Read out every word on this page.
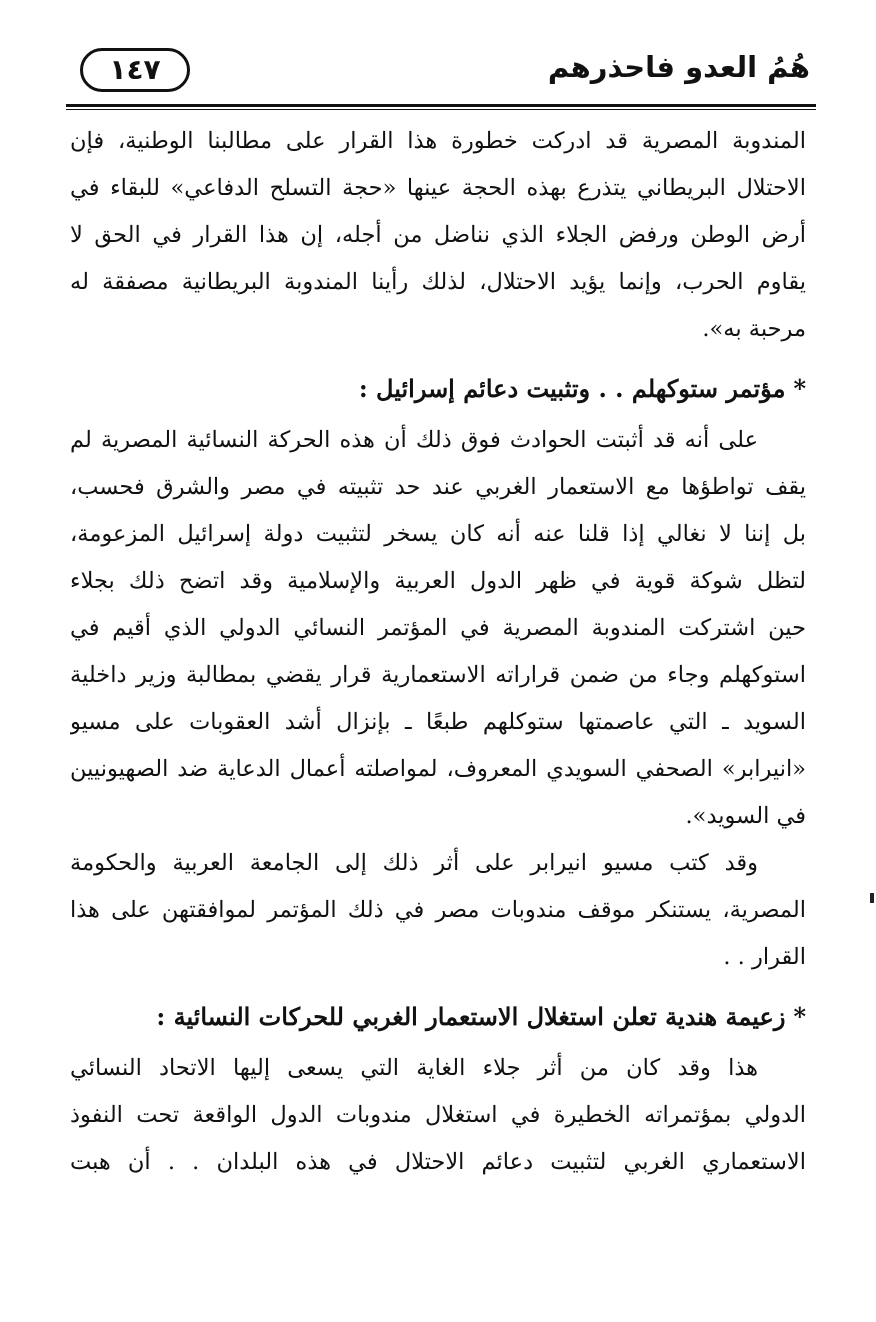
هُمُ العدو فاحذرهم
١٤٧
المندوبة المصرية قد ادركت خطورة هذا القرار على مطالبنا الوطنية، فإن
الاحتلال البريطاني يتذرع بهذه الحجة عينها «حجة التسلح الدفاعي» للبقاء في
أرض الوطن ورفض الجلاء الذي نناضل من أجله، إن هذا القرار في الحق لا
يقاوم الحرب، وإنما يؤيد الاحتلال، لذلك رأينا المندوبة البريطانية مصفقة له
مرحبة به».
*مؤتمر ستوكهلم . . وتثبيت دعائم إسرائيل :
على أنه قد أثبتت الحوادث فوق ذلك أن هذه الحركة النسائية المصرية لم
يقف تواطؤها مع الاستعمار الغربي عند حد تثبيته في مصر والشرق فحسب،
بل إننا لا نغالي إذا قلنا عنه أنه كان يسخر لتثبيت دولة إسرائيل المزعومة،
لتظل شوكة قوية في ظهر الدول العربية والإسلامية وقد اتضح ذلك بجلاء
حين اشتركت المندوبة المصرية في المؤتمر النسائي الدولي الذي أقيم في
استوكهلم وجاء من ضمن قراراته الاستعمارية قرار يقضي بمطالبة وزير داخلية
السويد ـ التي عاصمتها ستوكلهم طبعًا ـ بإنزال أشد العقوبات على مسيو
«انيرابر» الصحفي السويدي المعروف، لمواصلته أعمال الدعاية ضد الصهيونيين
في السويد».
وقد كتب مسيو انيرابر على أثر ذلك إلى الجامعة العربية والحكومة
المصرية، يستنكر موقف مندوبات مصر في ذلك المؤتمر لموافقتهن على هذا
القرار . .
*زعيمة هندية تعلن استغلال الاستعمار الغربي للحركات النسائية :
هذا وقد كان من أثر جلاء الغاية التي يسعى إليها الاتحاد النسائي
الدولي بمؤتمراته الخطيرة في استغلال مندوبات الدول الواقعة تحت النفوذ
الاستعماري الغربي لتثبيت دعائم الاحتلال في هذه البلدان . . أن هبت
